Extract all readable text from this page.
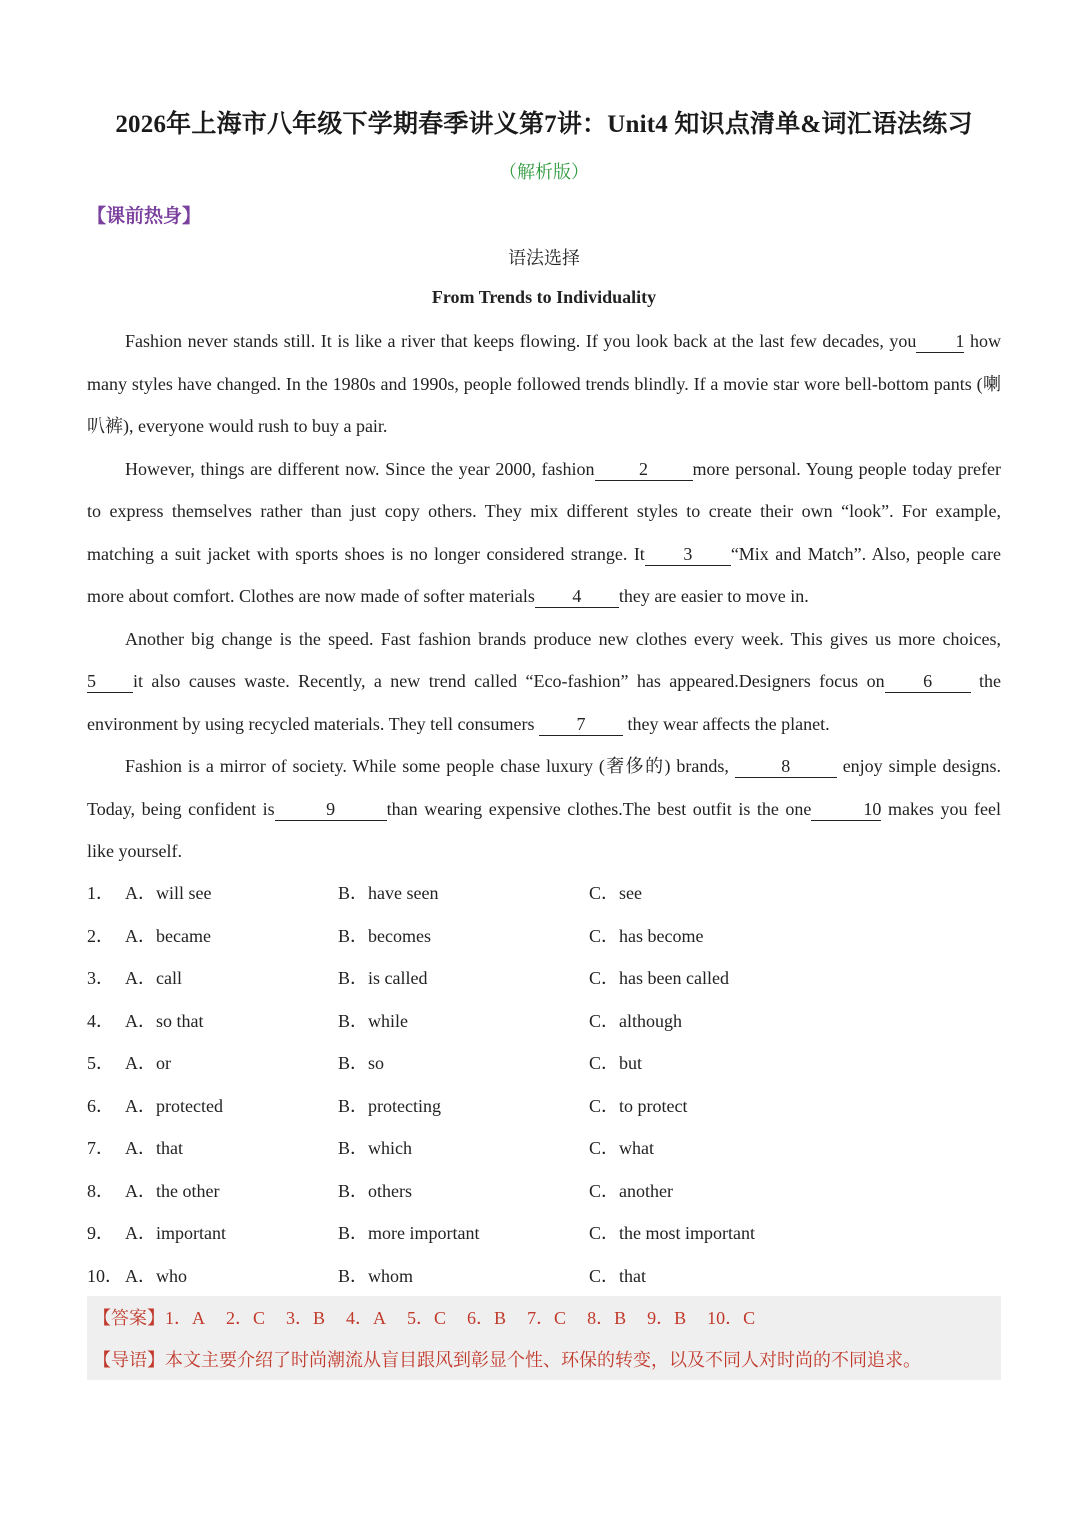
2026年上海市八年级下学期春季讲义第7讲：Unit4 知识点清单&词汇语法练习
（解析版）
【课前热身】
语法选择
From Trends to Individuality

Fashion never stands still. It is like a river that keeps flowing. If you look back at the last few decades, you 1 how many styles have changed. In the 1980s and 1990s, people followed trends blindly. If a movie star wore bell-bottom pants (喇叭裤), everyone would rush to buy a pair.

However, things are different now. Since the year 2000, fashion 2 more personal. Young people today prefer to express themselves rather than just copy others. They mix different styles to create their own “look”. For example, matching a suit jacket with sports shoes is no longer considered strange. It 3 “Mix and Match”. Also, people care more about comfort. Clothes are now made of softer materials 4 they are easier to move in.

Another big change is the speed. Fast fashion brands produce new clothes every week. This gives us more choices, 5 it also causes waste. Recently, a new trend called “Eco-fashion” has appeared.Designers focus on 6	the environment by using recycled materials. They tell consumers 7 they wear affects the planet.

Fashion is a mirror of society. While some people chase luxury (奢侈的) brands,	8	enjoy simple designs. Today, being confident is	9	than wearing expensive clothes.The best outfit is the one	10 makes you feel like yourself.

1． A．will see	B．have seen	C．see
2． A．became	B．becomes	C．has become
3． A．call	B．is called	C．has been called
4． A．so that	B．while	C．although
5． A．or	B．so	C．but
6． A．protected	B．protecting	C．to protect
7． A．that	B．which	C．what
8． A．the other	B．others	C．another
9． A．important	B．more important	C．the most important
10． A．who	B．whom	C．that
【答案】1．A 2．C 3．B 4．A 5．C 6．B 7．C 8．B 9．B 10．C
【导语】本文主要介绍了时尚潮流从盲目跟风到彰显个性、环保的转变，以及不同人对时尚的不同追求。
